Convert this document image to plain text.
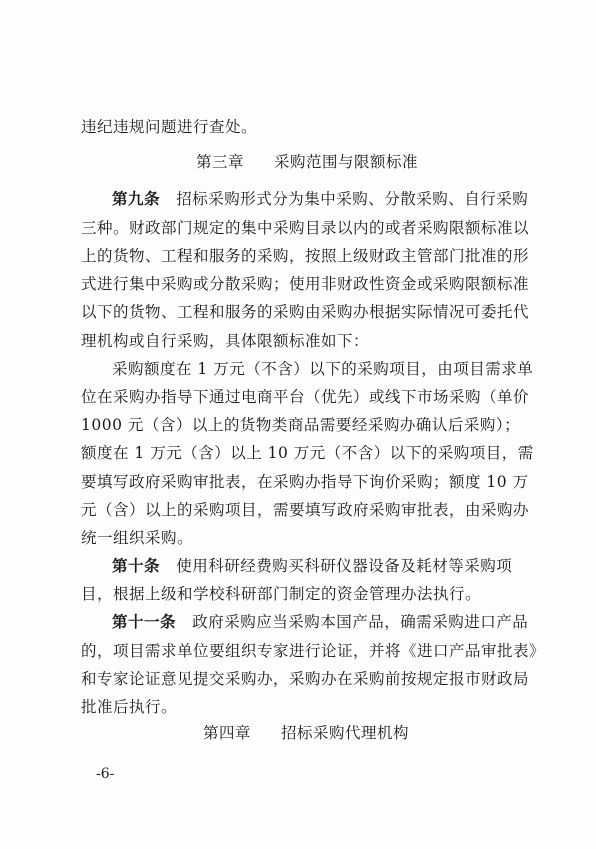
违纪违规问题进行查处。
第三章 采购范围与限额标准
第九条 招标采购形式分为集中采购、分散采购、自行采购
三种。财政部门规定的集中采购目录以内的或者采购限额标准以
上的货物、工程和服务的采购，按照上级财政主管部门批准的形
式进行集中采购或分散采购；使用非财政性资金或采购限额标准
以下的货物、工程和服务的采购由采购办根据实际情况可委托代
理机构或自行采购，具体限额标准如下：
采购额度在 1 万元（不含）以下的采购项目，由项目需求单
位在采购办指导下通过电商平台（优先）或线下市场采购（单价
1000 元（含）以上的货物类商品需要经采购办确认后采购）；
额度在 1 万元（含）以上 10 万元（不含）以下的采购项目，需
要填写政府采购审批表，在采购办指导下询价采购；额度 10 万
元（含）以上的采购项目，需要填写政府采购审批表，由采购办
统一组织采购。
第十条 使用科研经费购买科研仪器设备及耗材等采购项
目，根据上级和学校科研部门制定的资金管理办法执行。
第十一条 政府采购应当采购本国产品，确需采购进口产品
的，项目需求单位要组织专家进行论证，并将《进口产品审批表》
和专家论证意见提交采购办，采购办在采购前按规定报市财政局
批准后执行。
第四章 招标采购代理机构
-6-
